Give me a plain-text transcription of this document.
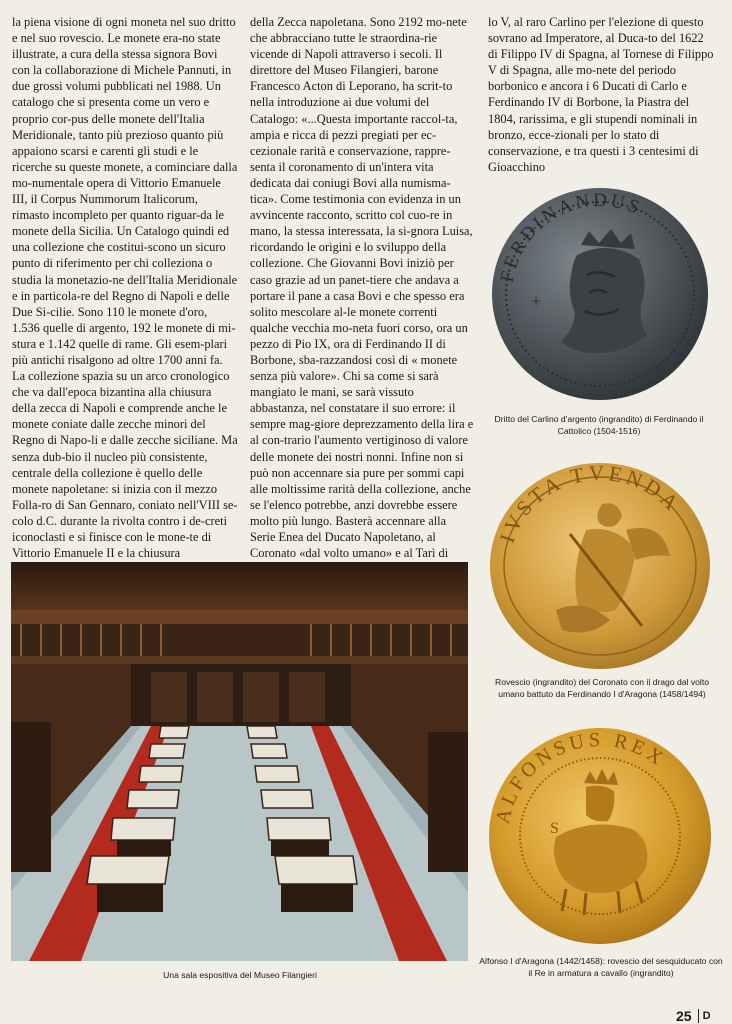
la piena visione di ogni moneta nel suo dritto e nel suo rovescio. Le monete era-no state illustrate, a cura della stessa signora Bovi con la collaborazione di Michele Pannuti, in due grossi volumi pubblicati nel 1988. Un catalogo che si presenta come un vero e proprio cor-pus delle monete dell'Italia Meridionale, tanto più prezioso quanto più appaiono scarsi e carenti gli studi e le ricerche su queste monete, a cominciare dalla mo-numentale opera di Vittorio Emanuele III, il Corpus Nummorum Italicorum, rimasto incompleto per quanto riguar-da le monete della Sicilia. Un Catalogo quindi ed una collezione che costitui-scono un sicuro punto di riferimento per chi colleziona o studia la monetazio-ne dell'Italia Meridionale e in particola-re del Regno di Napoli e delle Due Si-cilie. Sono 110 le monete d'oro, 1.536 quelle di argento, 192 le monete di mi-stura e 1.142 quelle di rame. Gli esem-plari più antichi risalgono ad oltre 1700 anni fa. La collezione spazia su un arco cronologico che va dall'epoca bizantina alla chiusura della zecca di Napoli e comprende anche le monete coniate dalle zecche minori del Regno di Napo-li e dalle zecche siciliane. Ma senza dub-bio il nucleo più consistente, centrale della collezione è quello delle monete napoletane: si inizia con il mezzo Folla-ro di San Gennaro, coniato nell'VIII se-colo d.C. durante la rivolta contro i de-creti iconoclasti e si finisce con le mone-te di Vittorio Emanuele II e la chiusura

della Zecca napoletana. Sono 2192 mo-nete che abbracciano tutte le straordina-rie vicende di Napoli attraverso i secoli. Il direttore del Museo Filangieri, barone Francesco Acton di Leporano, ha scrit-to nella introduzione ai due volumi del Catalogo: «...Questa importante raccol-ta, ampia e ricca di pezzi pregiati per ec-cezionale rarità e conservazione, rappre-senta il coronamento di un'intera vita dedicata dai coniugi Bovi alla numisma-tica». Come testimonia con evidenza in un avvincente racconto, scritto col cuo-re in mano, la stessa interessata, la si-gnora Luisa, ricordando le origini e lo sviluppo della collezione. Che Giovanni Bovi iniziò per caso grazie ad un panet-tiere che andava a portare il pane a casa Bovi e che spesso era solito mescolare al-le monete correnti qualche vecchia mo-neta fuori corso, ora un pezzo di Pio IX, ora di Ferdinando II di Borbone, sba-razzandosi così di « monete senza più valore». Chi sa come si sarà mangiato le mani, se sarà vissuto abbastanza, nel constatare il suo errore: il sempre mag-giore deprezzamento della lira e al con-trario l'aumento vertiginoso di valore delle monete dei nostri nonni. Infine non si può non accennare sia pure per sommi capi alle moltissime rarità della collezione, anche se l'elenco potrebbe, anzi dovrebbe essere molto più lungo. Basterà accennare alla Serie Enea del Ducato Napoletano, al Coronato «dal volto umano» e al Tarì di

lo V, al raro Carlino per l'elezione di questo sovrano ad Imperatore, al Duca-to del 1622 di Filippo IV di Spagna, al Tornese di Filippo V di Spagna, alle mo-nete del periodo borbonico e ancora i 6 Ducati di Carlo e Ferdinando IV di Borbone, la Piastra del 1804, rarissima, e gli stupendi nominali in bronzo, ecce-zionali per lo stato di conservazione, e tra questi i 3 centesimi di Gioacchino

FERDINANDUS
+
IVSTA TVENDA
ALFONSUS REX
S
Dritto del Carlino d'argento (ingrandito) di Ferdinando il Cattolico (1504-1516)
Rovescio (ingrandito) del Coronato con il drago dal volto umano battuto da Ferdinando I d'Aragona (1458/1494)
Alfonso I d'Aragona (1442/1458): rovescio del sesquiducato con il Re in armatura a cavallo (ingrandito)
Una sala espositiva del Museo Filangieri
25 D
